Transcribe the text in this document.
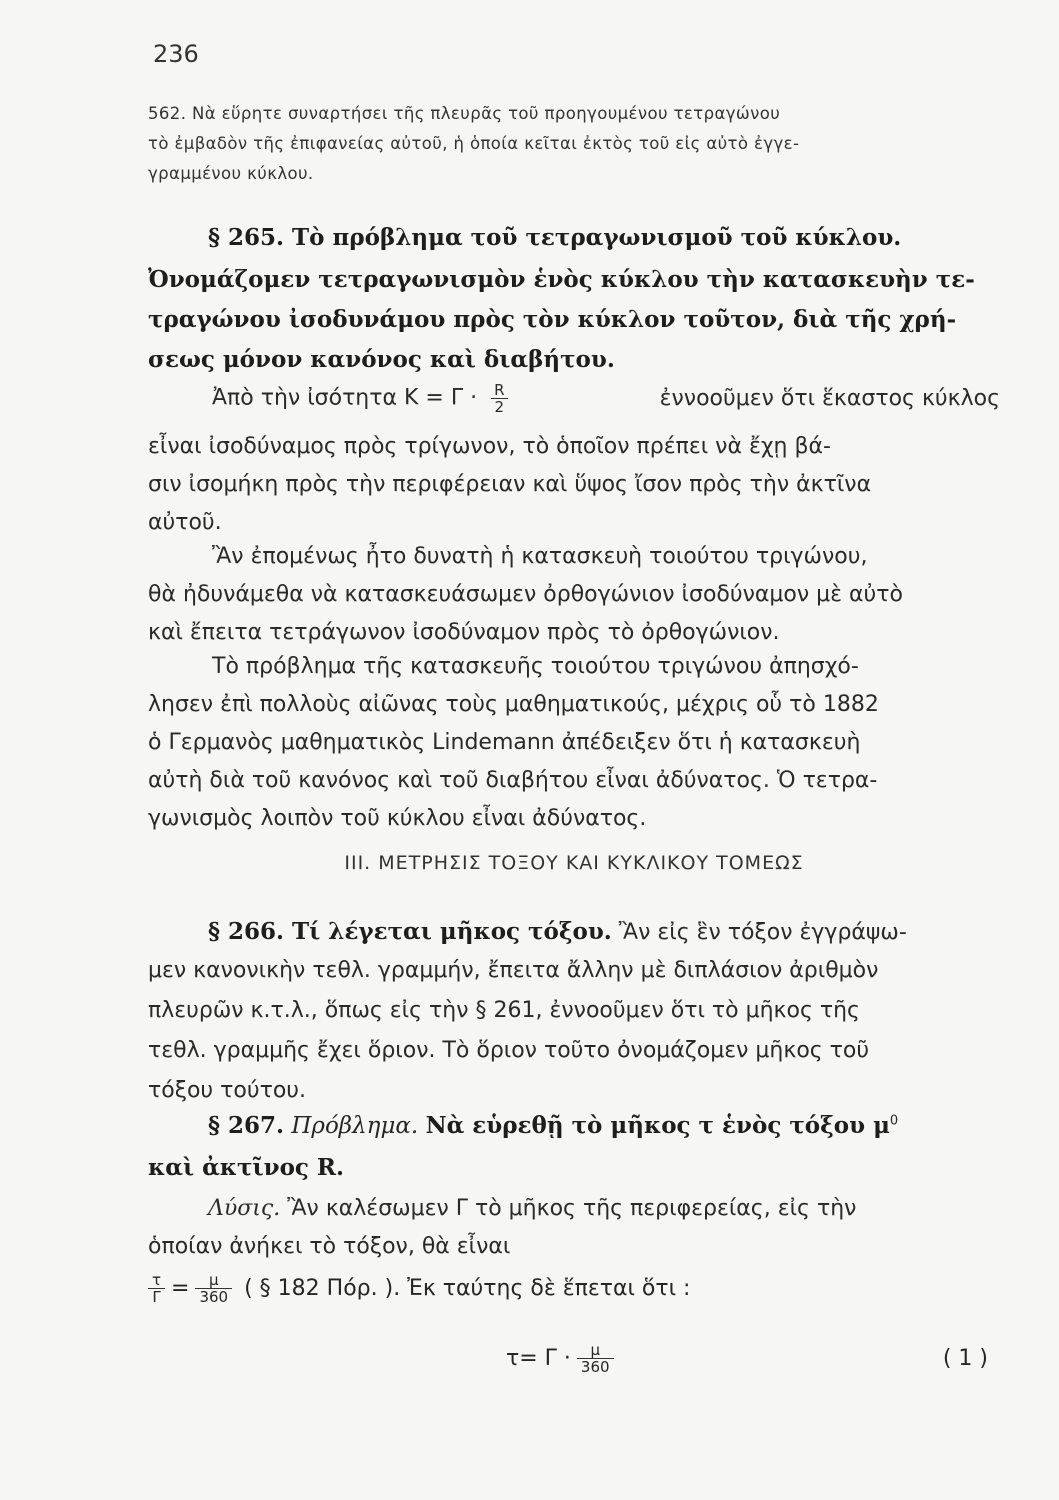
236
562. Νὰ εὕρητε συναρτήσει τῆς πλευρᾶς τοῦ προηγουμένου τετραγώνου
τὸ ἐμβαδὸν τῆς ἐπιφανείας αὐτοῦ, ἡ ὁποία κεῖται ἐκτὸς τοῦ εἰς αὐτὸ ἐγγε-
γραμμένου κύκλου.
§ 265. Τὸ πρόβλημα τοῦ τετραγωνισμοῦ τοῦ κύκλου.
Ὀνομάζομεν τετραγωνισμὸν ἑνὸς κύκλου τὴν κατασκευὴν τε-
τραγώνου ἰσοδυνάμου πρὸς τὸν κύκλον τοῦτον, διὰ τῆς χρή-
σεως μόνον κανόνος καὶ διαβήτου.
Ἀπὸ τὴν ἰσότητα $K = \Gamma \cdot \frac{R}{2}$	ἐννοοῦμεν ὅτι ἕκαστος κύκλος
εἶναι ἰσοδύναμος πρὸς τρίγωνον, τὸ ὁποῖον πρέπει νὰ ἔχῃ βά-
σιν ἰσομήκη πρὸς τὴν περιφέρειαν καὶ ὕψος ἴσον πρὸς τὴν ἀκτῖνα
αὐτοῦ.
Ἂν ἐπομένως ἦτο δυνατὴ ἡ κατασκευὴ τοιούτου τριγώνου,
θὰ ἠδυνάμεθα νὰ κατασκευάσωμεν ὀρθογώνιον ἰσοδύναμον μὲ αὐτὸ
καὶ ἔπειτα τετράγωνον ἰσοδύναμον πρὸς τὸ ὀρθογώνιον.
Τὸ πρόβλημα τῆς κατασκευῆς τοιούτου τριγώνου ἀπησχό-
λησεν ἐπὶ πολλοὺς αἰῶνας τοὺς μαθηματικούς, μέχρις οὗ τὸ 1882
ὁ Γερμανὸς μαθηματικὸς Lindemann ἀπέδειξεν ὅτι ἡ κατασκευὴ
αὐτὴ διὰ τοῦ κανόνος καὶ τοῦ διαβήτου εἶναι ἀδύνατος. Ὁ τετρα-
γωνισμὸς λοιπὸν τοῦ κύκλου εἶναι ἀδύνατος.
ΙΙΙ. ΜΕΤΡΗΣΙΣ ΤΟΞΟΥ ΚΑΙ ΚΥΚΛΙΚΟΥ ΤΟΜΕΩΣ
§ 266. Τί λέγεται μῆκος τόξου. Ἂν εἰς ἓν τόξον ἐγγράψω-
μεν κανονικὴν τεθλ. γραμμήν, ἔπειτα ἄλλην μὲ διπλάσιον ἀριθμὸν
πλευρῶν κ.τ.λ., ὅπως εἰς τὴν § 261, ἐννοοῦμεν ὅτι τὸ μῆκος τῆς
τεθλ. γραμμῆς ἔχει ὅριον. Τὸ ὅριον τοῦτο ὀνομάζομεν μῆκος τοῦ
τόξου τούτου.
§ 267. Πρόβλημα. Νὰ εὑρεθῇ τὸ μῆκος τ ἑνὸς τόξου $\mu^0$
καὶ ἀκτῖνος R.
Λύσις. Ἂν καλέσωμεν Γ τὸ μῆκος τῆς περιφερείας, εἰς τὴν
ὁποίαν ἀνήκει τὸ τόξον, θὰ εἶναι
$\frac{\tau}{\Gamma} = \frac{\mu}{360}$ ( § 182 Πόρ. ). Ἐκ ταύτης δὲ ἕπεται ὅτι :
$\tau= \Gamma \cdot \frac{\mu}{360}$	( 1 )
